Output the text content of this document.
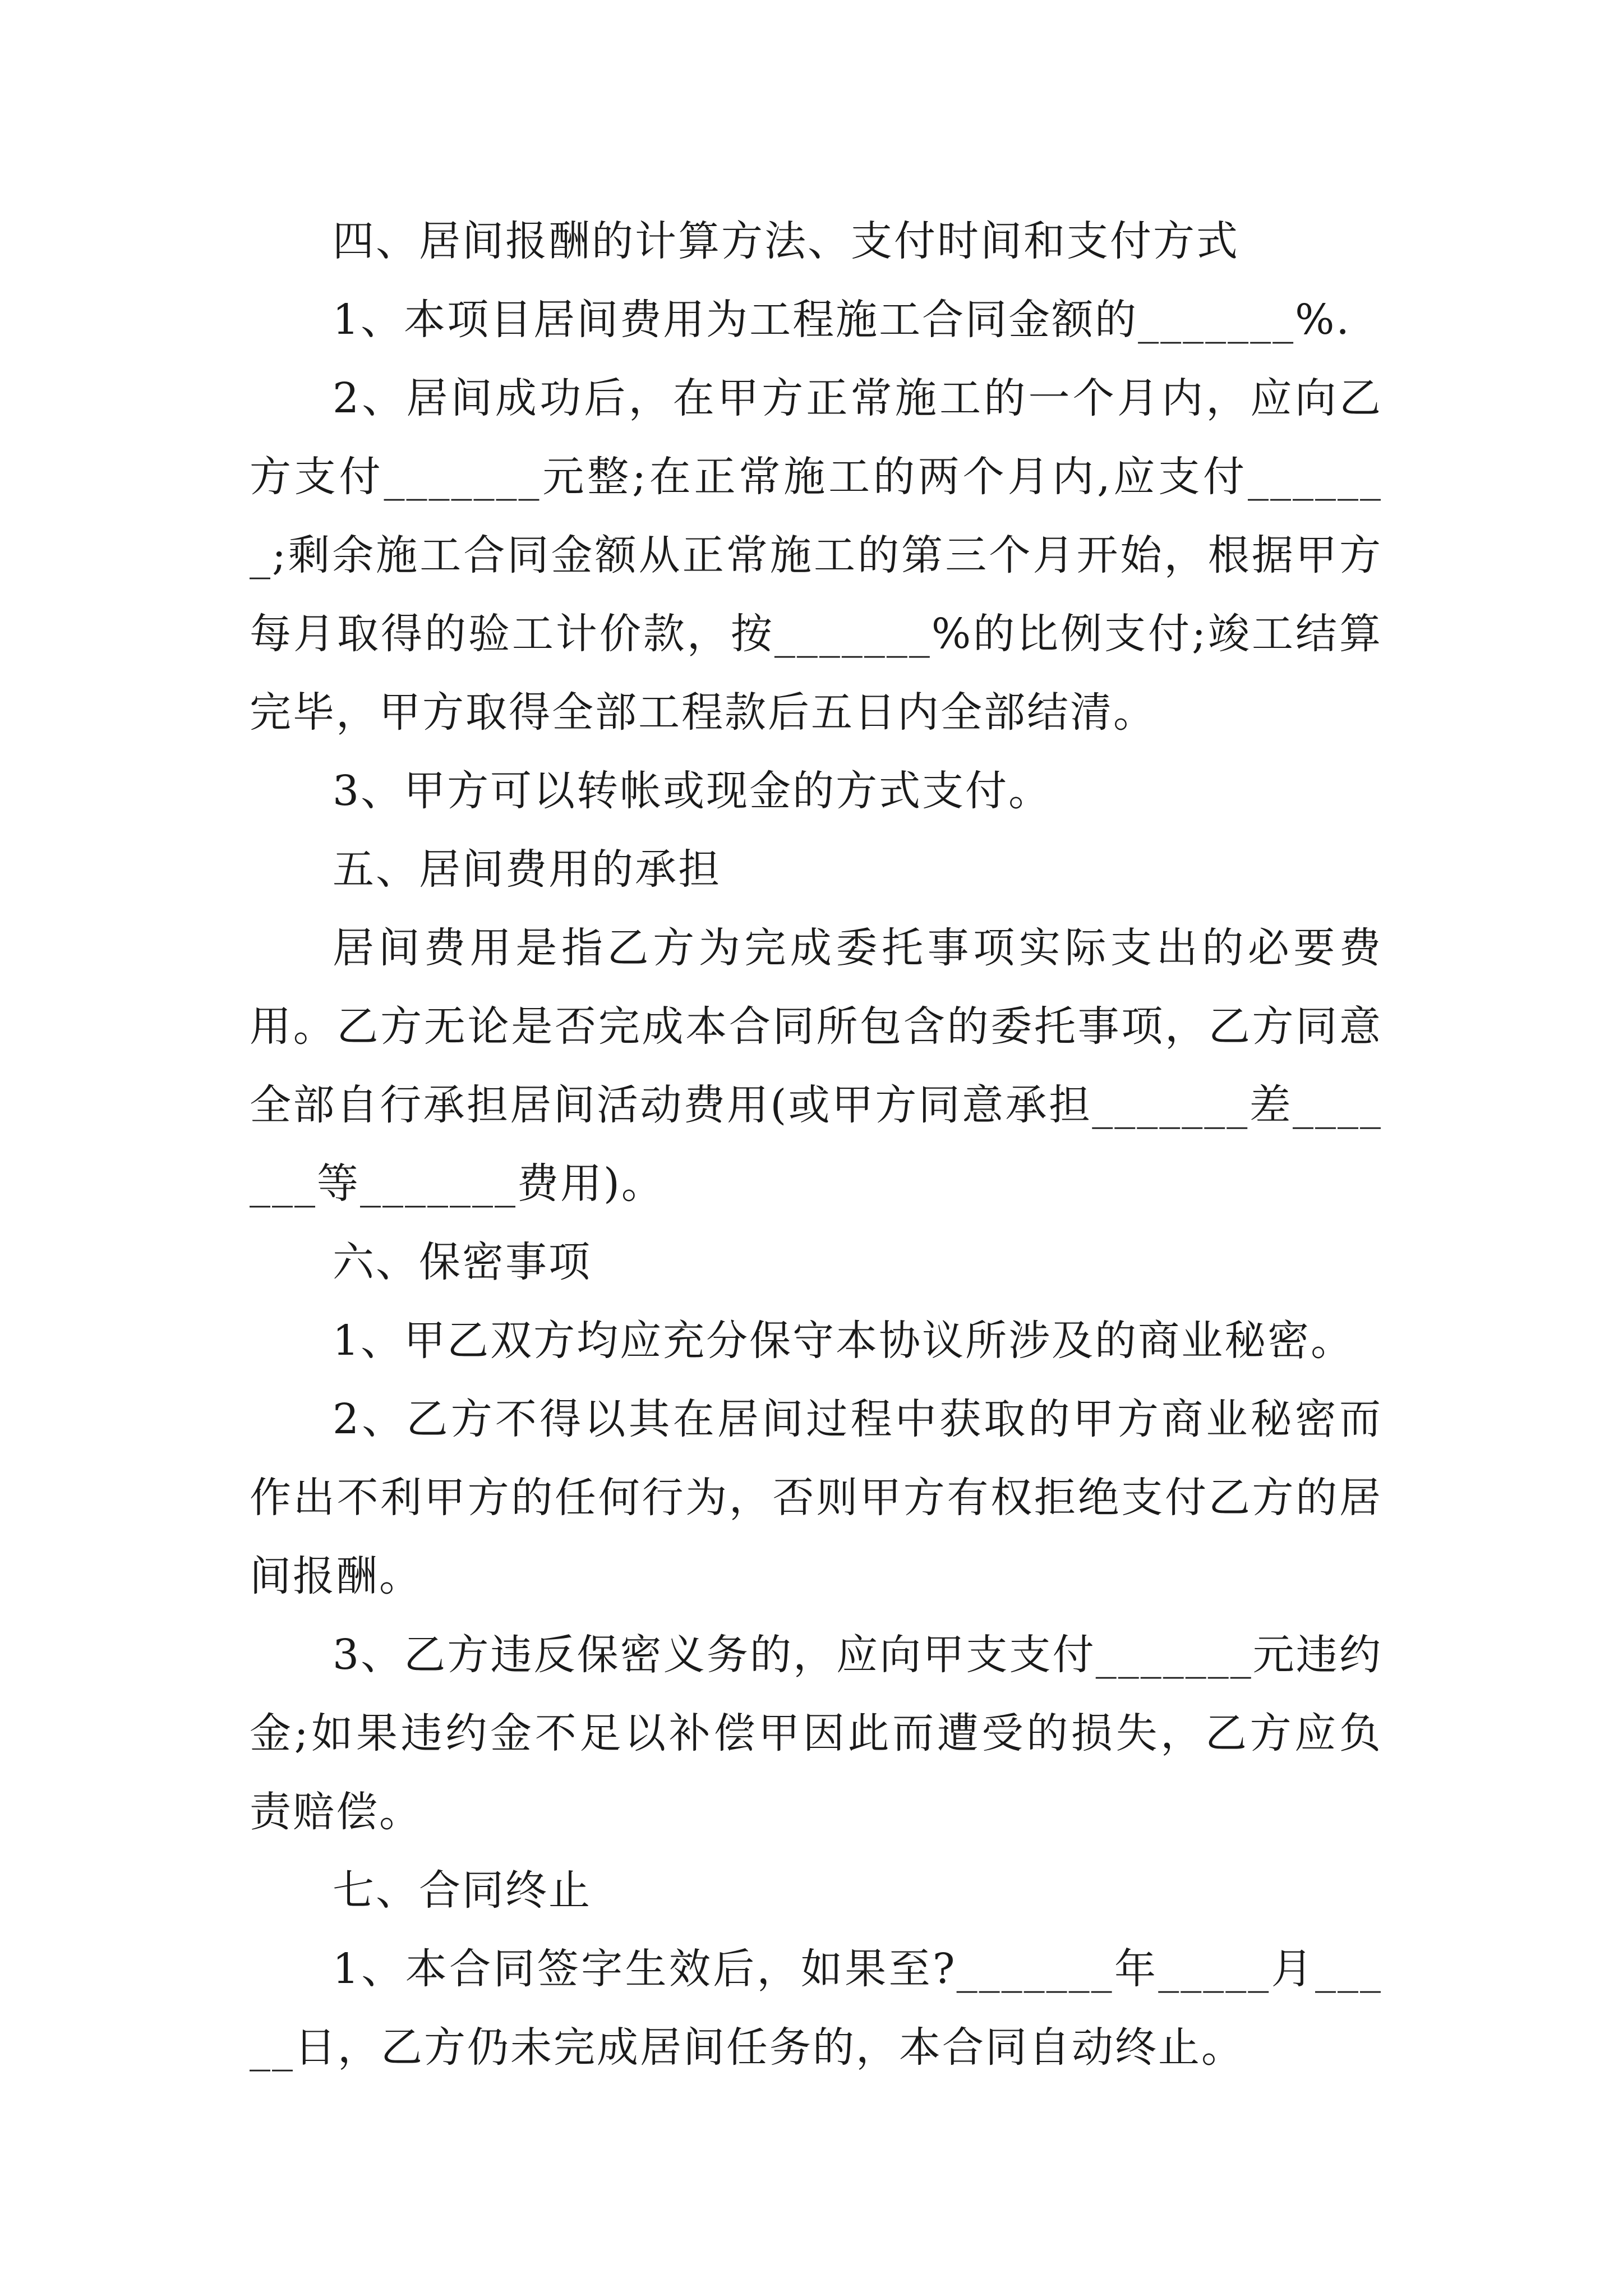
四、居间报酬的计算方法、支付时间和支付方式

1、本项目居间费用为工程施工合同金额的_______%.

2、居间成功后，在甲方正常施工的一个月内，应向乙方支付_______元整;在正常施工的两个月内,应支付_______;剩余施工合同金额从正常施工的第三个月开始，根据甲方每月取得的验工计价款，按_______%的比例支付;竣工结算完毕，甲方取得全部工程款后五日内全部结清。

3、甲方可以转帐或现金的方式支付。

五、居间费用的承担

居间费用是指乙方为完成委托事项实际支出的必要费用。乙方无论是否完成本合同所包含的委托事项，乙方同意全部自行承担居间活动费用(或甲方同意承担_______差_______等_______费用)。

六、保密事项

1、甲乙双方均应充分保守本协议所涉及的商业秘密。

2、乙方不得以其在居间过程中获取的甲方商业秘密而作出不利甲方的任何行为，否则甲方有权拒绝支付乙方的居间报酬。

3、乙方违反保密义务的，应向甲支支付_______元违约金;如果违约金不足以补偿甲因此而遭受的损失，乙方应负责赔偿。

七、合同终止

1、本合同签字生效后，如果至?_______年_____月_____日，乙方仍未完成居间任务的，本合同自动终止。
